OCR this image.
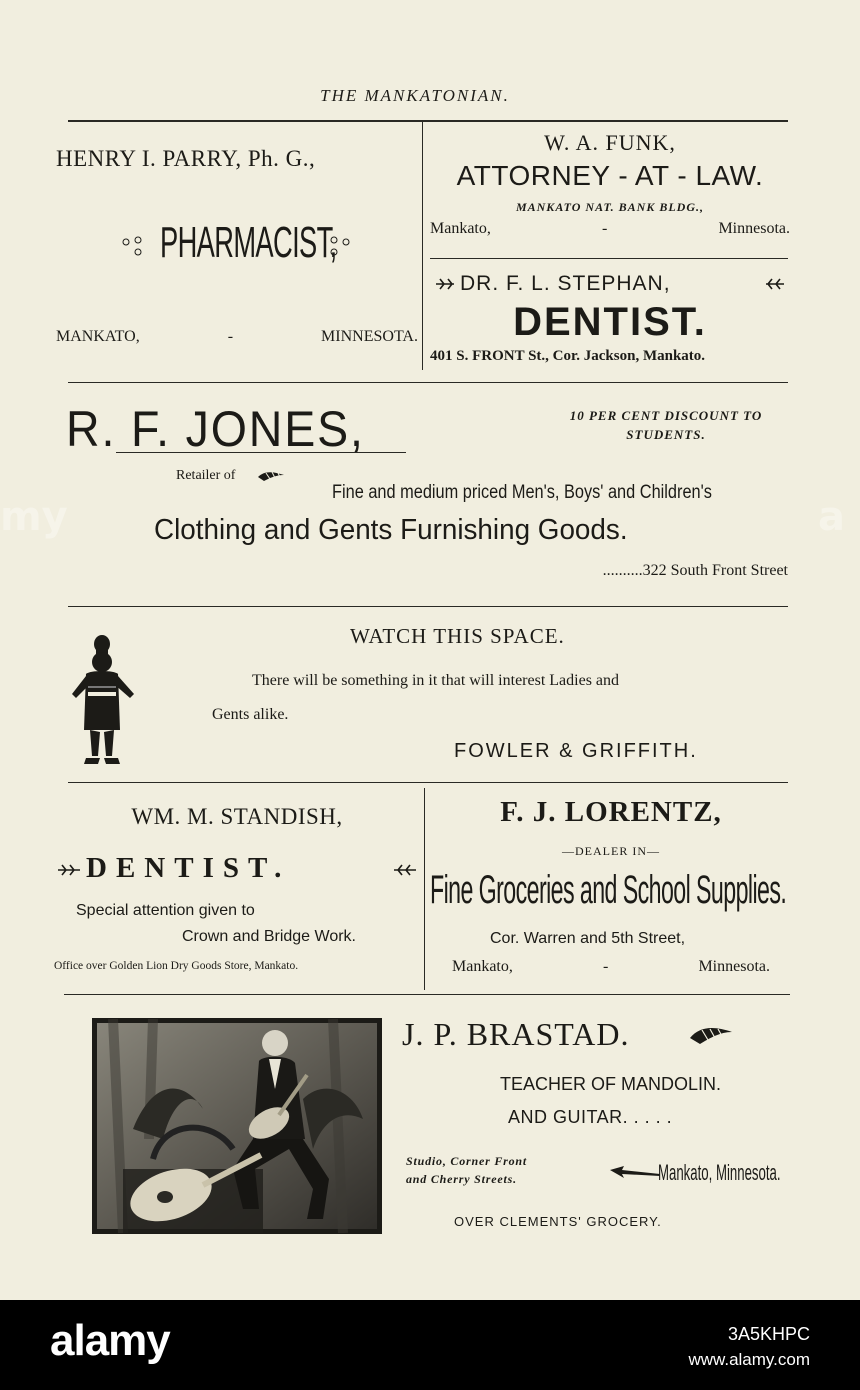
THE MANKATONIAN.
HENRY I. PARRY, Ph. G.,
PHARMACIST,
MANKATO,	-	MINNESOTA.
W. A. FUNK,
ATTORNEY - AT - LAW.
MANKATO NAT. BANK BLDG.,
Mankato,	-	Minnesota.
DR. F. L. STEPHAN,
DENTIST.
401 S. FRONT St., Cor. Jackson, Mankato.
R. F. JONES,	10 PER CENT DISCOUNT TO STUDENTS.
Retailer of
Fine and medium priced Men's, Boys' and Children's
Clothing and Gents Furnishing Goods.
..........322 South Front Street
WATCH THIS SPACE.
There will be something in it that will interest Ladies and
Gents alike.
FOWLER & GRIFFITH.
WM. M. STANDISH,
DENTIST.
Special attention given to
Crown and Bridge Work.
Office over Golden Lion Dry Goods Store, Mankato.
F. J. LORENTZ,
—DEALER IN—
Fine Groceries and School Supplies.
Cor. Warren and 5th Street,
Mankato,	-	Minnesota.
J. P. BRASTAD.
TEACHER OF MANDOLIN.
AND GUITAR. . . . .
Studio, Corner Front
and Cherry Streets.	Mankato, Minnesota.
OVER CLEMENTS' GROCERY.
my	a
alamy	3A5KHPC
www.alamy.com
